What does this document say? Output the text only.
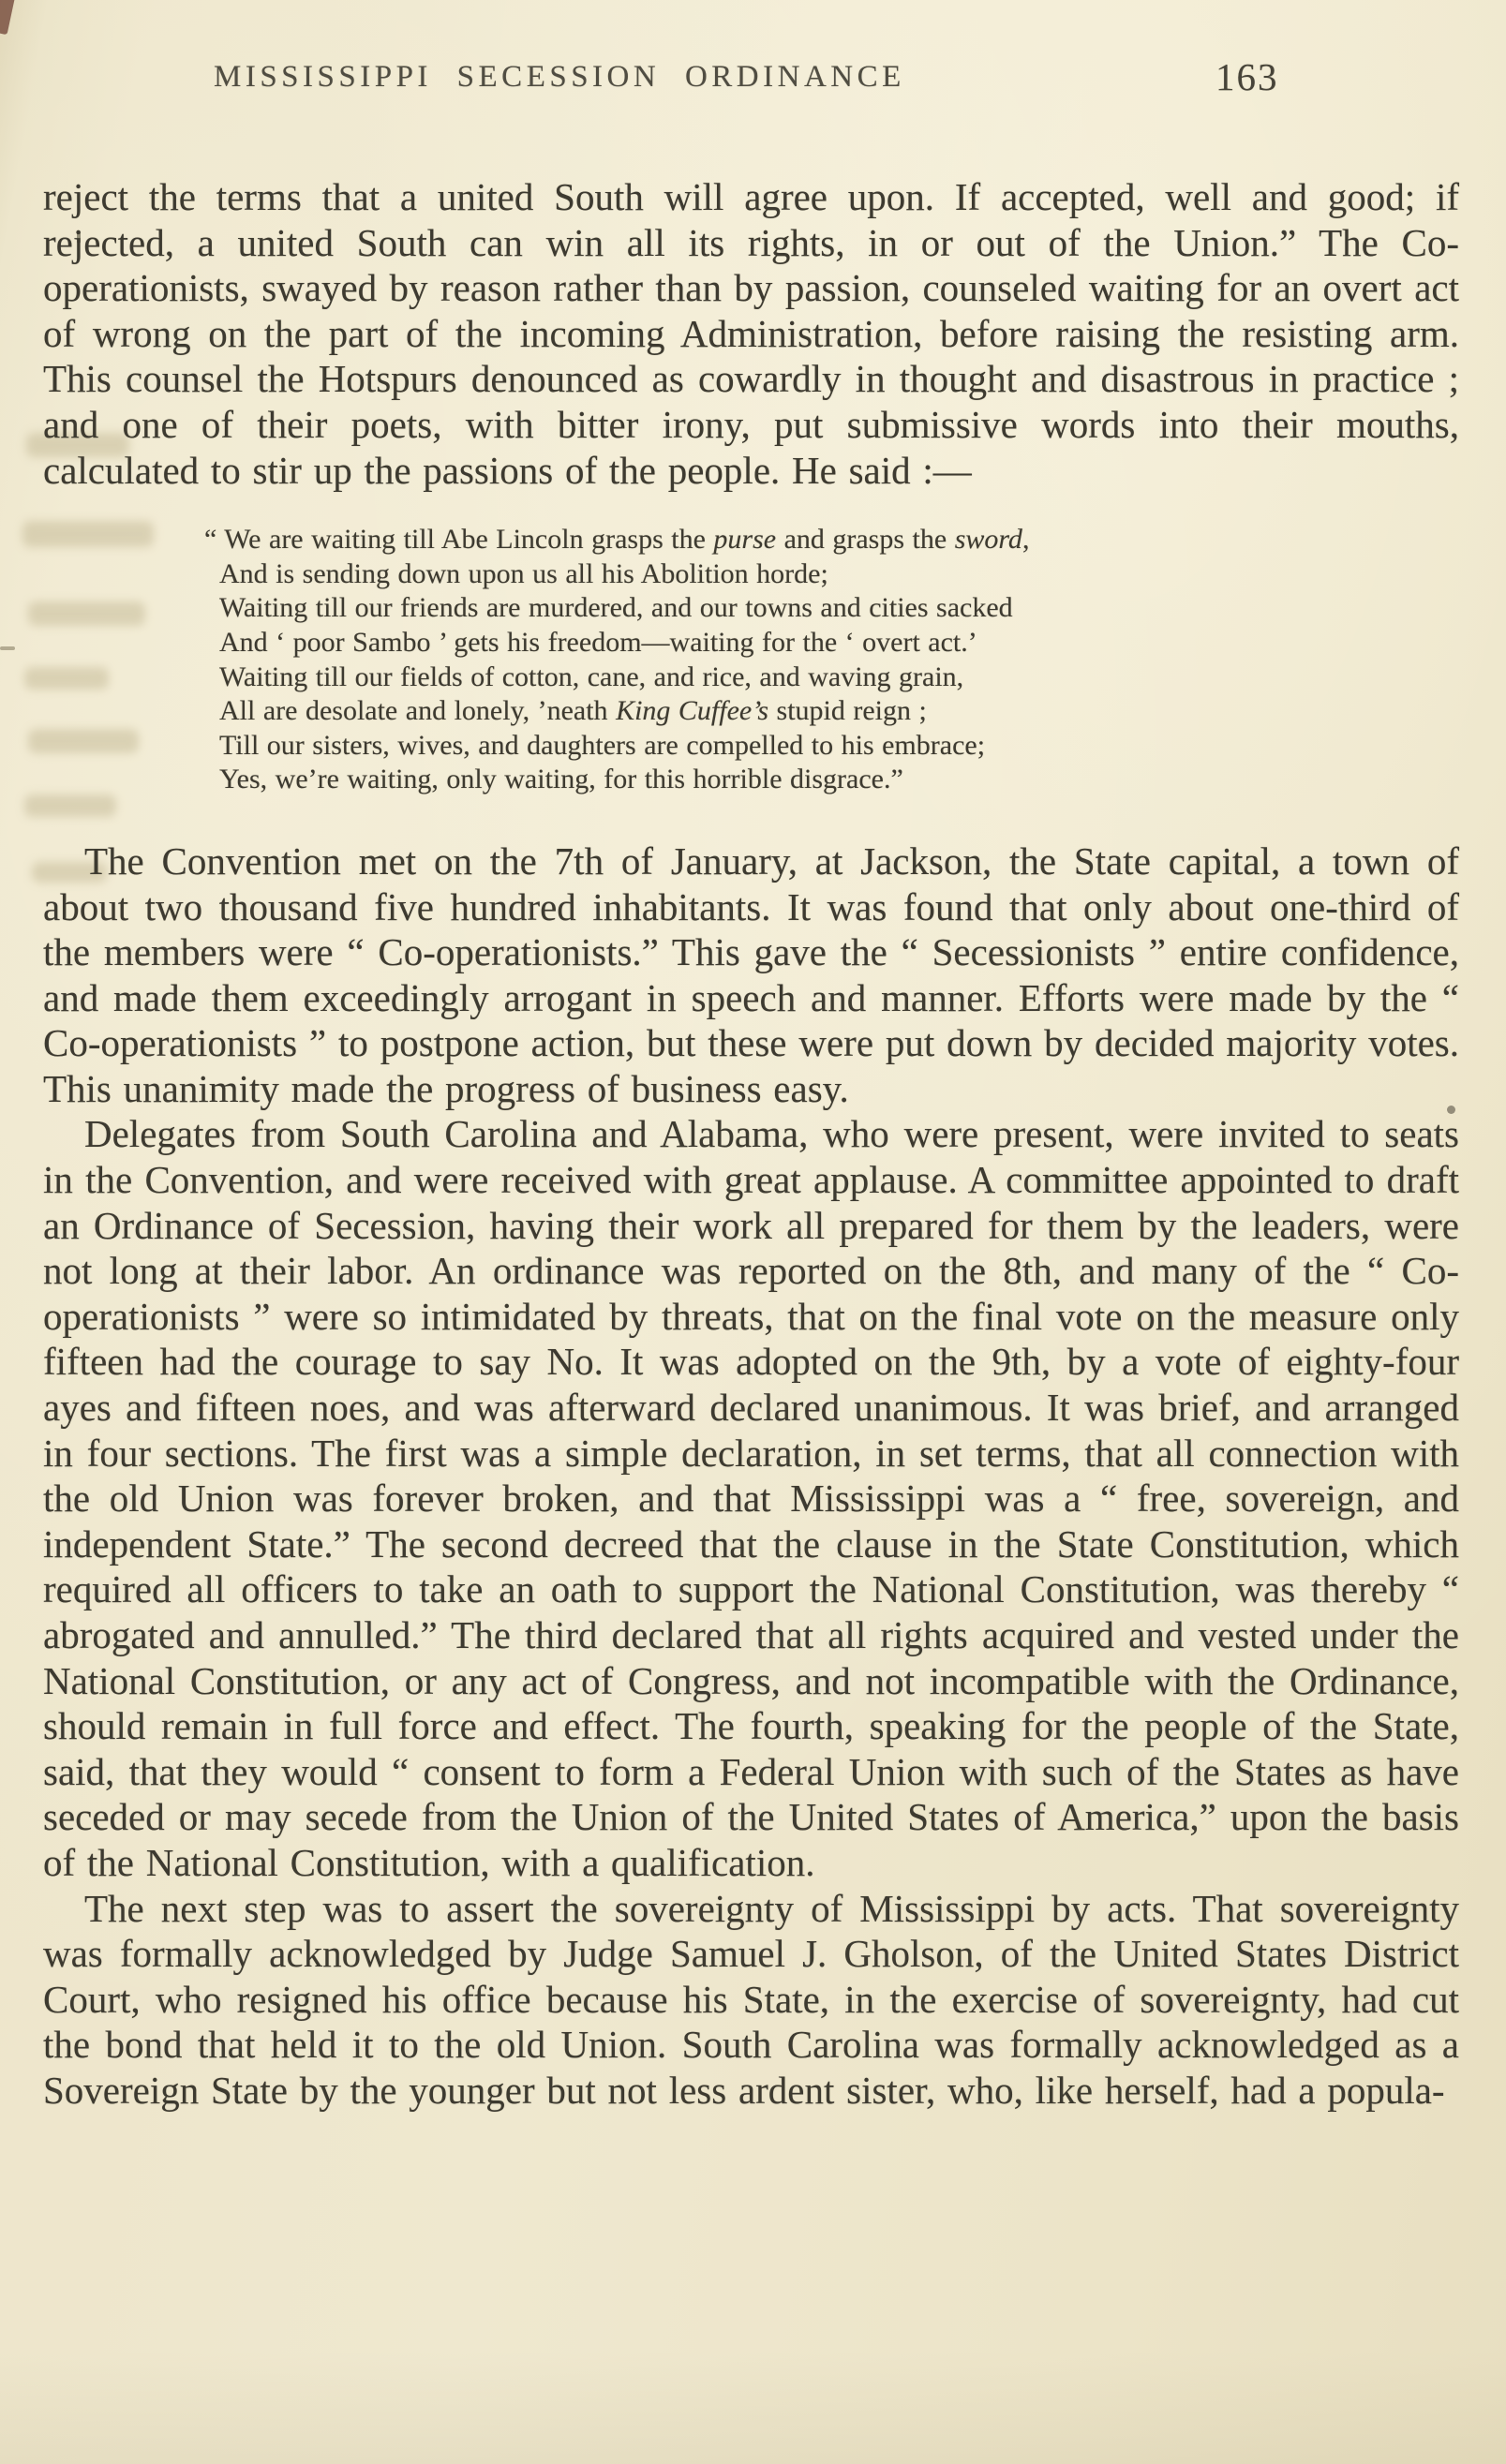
MISSISSIPPI SECESSION ORDINANCE	163

reject the terms that a united South will agree upon. If accepted, well and good; if rejected, a united South can win all its rights, in or out of the Union.” The Co-operationists, swayed by reason rather than by passion, counseled waiting for an overt act of wrong on the part of the incoming Administration, before raising the resisting arm. This counsel the Hotspurs denounced as cowardly in thought and disastrous in practice ; and one of their poets, with bitter irony, put submissive words into their mouths, calculated to stir up the passions of the people. He said :—

“ We are waiting till Abe Lincoln grasps the purse and grasps the sword,
And is sending down upon us all his Abolition horde;
Waiting till our friends are murdered, and our towns and cities sacked
And ‘ poor Sambo ’ gets his freedom—waiting for the ‘ overt act.’
Waiting till our fields of cotton, cane, and rice, and waving grain,
All are desolate and lonely, ’neath King Cuffee’s stupid reign ;
Till our sisters, wives, and daughters are compelled to his embrace;
Yes, we’re waiting, only waiting, for this horrible disgrace.”

The Convention met on the 7th of January, at Jackson, the State capital, a town of about two thousand five hundred inhabitants. It was found that only about one-third of the members were “ Co-operationists.” This gave the “ Secessionists ” entire confidence, and made them exceedingly arrogant in speech and manner. Efforts were made by the “ Co-operationists ” to postpone action, but these were put down by decided majority votes. This unanimity made the progress of business easy.

Delegates from South Carolina and Alabama, who were present, were invited to seats in the Convention, and were received with great applause. A committee appointed to draft an Ordinance of Secession, having their work all prepared for them by the leaders, were not long at their labor. An ordinance was reported on the 8th, and many of the “ Co-operationists ” were so intimidated by threats, that on the final vote on the measure only fifteen had the courage to say No. It was adopted on the 9th, by a vote of eighty-four ayes and fifteen noes, and was afterward declared unanimous. It was brief, and arranged in four sections. The first was a simple declaration, in set terms, that all connection with the old Union was forever broken, and that Mississippi was a “ free, sovereign, and independent State.” The second decreed that the clause in the State Constitution, which required all officers to take an oath to support the National Constitution, was thereby “ abrogated and annulled.” The third declared that all rights acquired and vested under the National Constitution, or any act of Congress, and not incompatible with the Ordinance, should remain in full force and effect. The fourth, speaking for the people of the State, said, that they would “ consent to form a Federal Union with such of the States as have seceded or may secede from the Union of the United States of America,” upon the basis of the National Constitution, with a qualification.

The next step was to assert the sovereignty of Mississippi by acts. That sovereignty was formally acknowledged by Judge Samuel J. Gholson, of the United States District Court, who resigned his office because his State, in the exercise of sovereignty, had cut the bond that held it to the old Union. South Carolina was formally acknowledged as a Sovereign State by the younger but not less ardent sister, who, like herself, had a popula-
